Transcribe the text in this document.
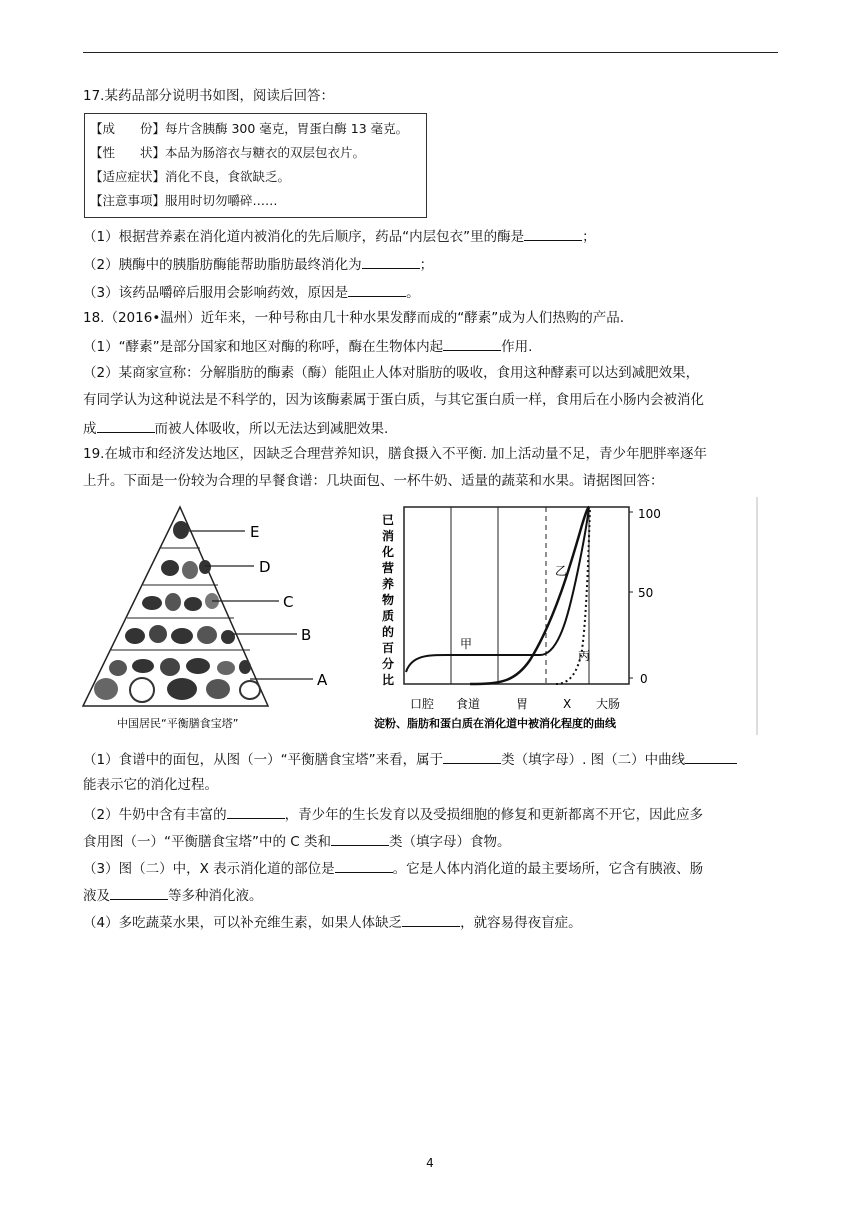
17.某药品部分说明书如图，阅读后回答：
【成　　份】每片含胰酶 300 毫克，胃蛋白酶 13 毫克。
【性　　状】本品为肠溶衣与糖衣的双层包衣片。
【适应症状】消化不良，食欲缺乏。
【注意事项】服用时切勿嚼碎……
（1）根据营养素在消化道内被消化的先后顺序，药品“内层包衣”里的酶是	；
（2）胰酶中的胰脂肪酶能帮助脂肪最终消化为	；
（3）该药品嚼碎后服用会影响药效，原因是	。
18.（2016•温州）近年来，一种号称由几十种水果发酵而成的“酵素”成为人们热购的产品.
（1）“酵素”是部分国家和地区对酶的称呼，酶在生物体内起	作用.
（2）某商家宣称：分解脂肪的酶素（酶）能阻止人体对脂肪的吸收，食用这种酵素可以达到减肥效果，
有同学认为这种说法是不科学的，因为该酶素属于蛋白质，与其它蛋白质一样，食用后在小肠内会被消化
成	而被人体吸收，所以无法达到减肥效果.
19.在城市和经济发达地区，因缺乏合理营养知识，膳食摄入不平衡. 加上活动量不足，青少年肥胖率逐年
上升。下面是一份较为合理的早餐食谱：几块面包、一杯牛奶、适量的蔬菜和水果。请据图回答：
E
D
C
B
A
中国居民“平衡膳食宝塔”
已
消
化
营
养
物
质
的
百
分
比
100
50
0
甲
乙
丙
口腔 食道	胃	X 大肠
淀粉、脂肪和蛋白质在消化道中被消化程度的曲线
（1）食谱中的面包，从图（一）“平衡膳食宝塔”来看，属于	类（填字母）. 图（二）中曲线
能表示它的消化过程。
（2）牛奶中含有丰富的	，青少年的生长发育以及受损细胞的修复和更新都离不开它，因此应多
食用图（一）“平衡膳食宝塔”中的 C 类和	类（填字母）食物。
（3）图（二）中，X 表示消化道的部位是	。它是人体内消化道的最主要场所，它含有胰液、肠
液及	等多种消化液。
（4）多吃蔬菜水果，可以补充维生素，如果人体缺乏	，就容易得夜盲症。
4
